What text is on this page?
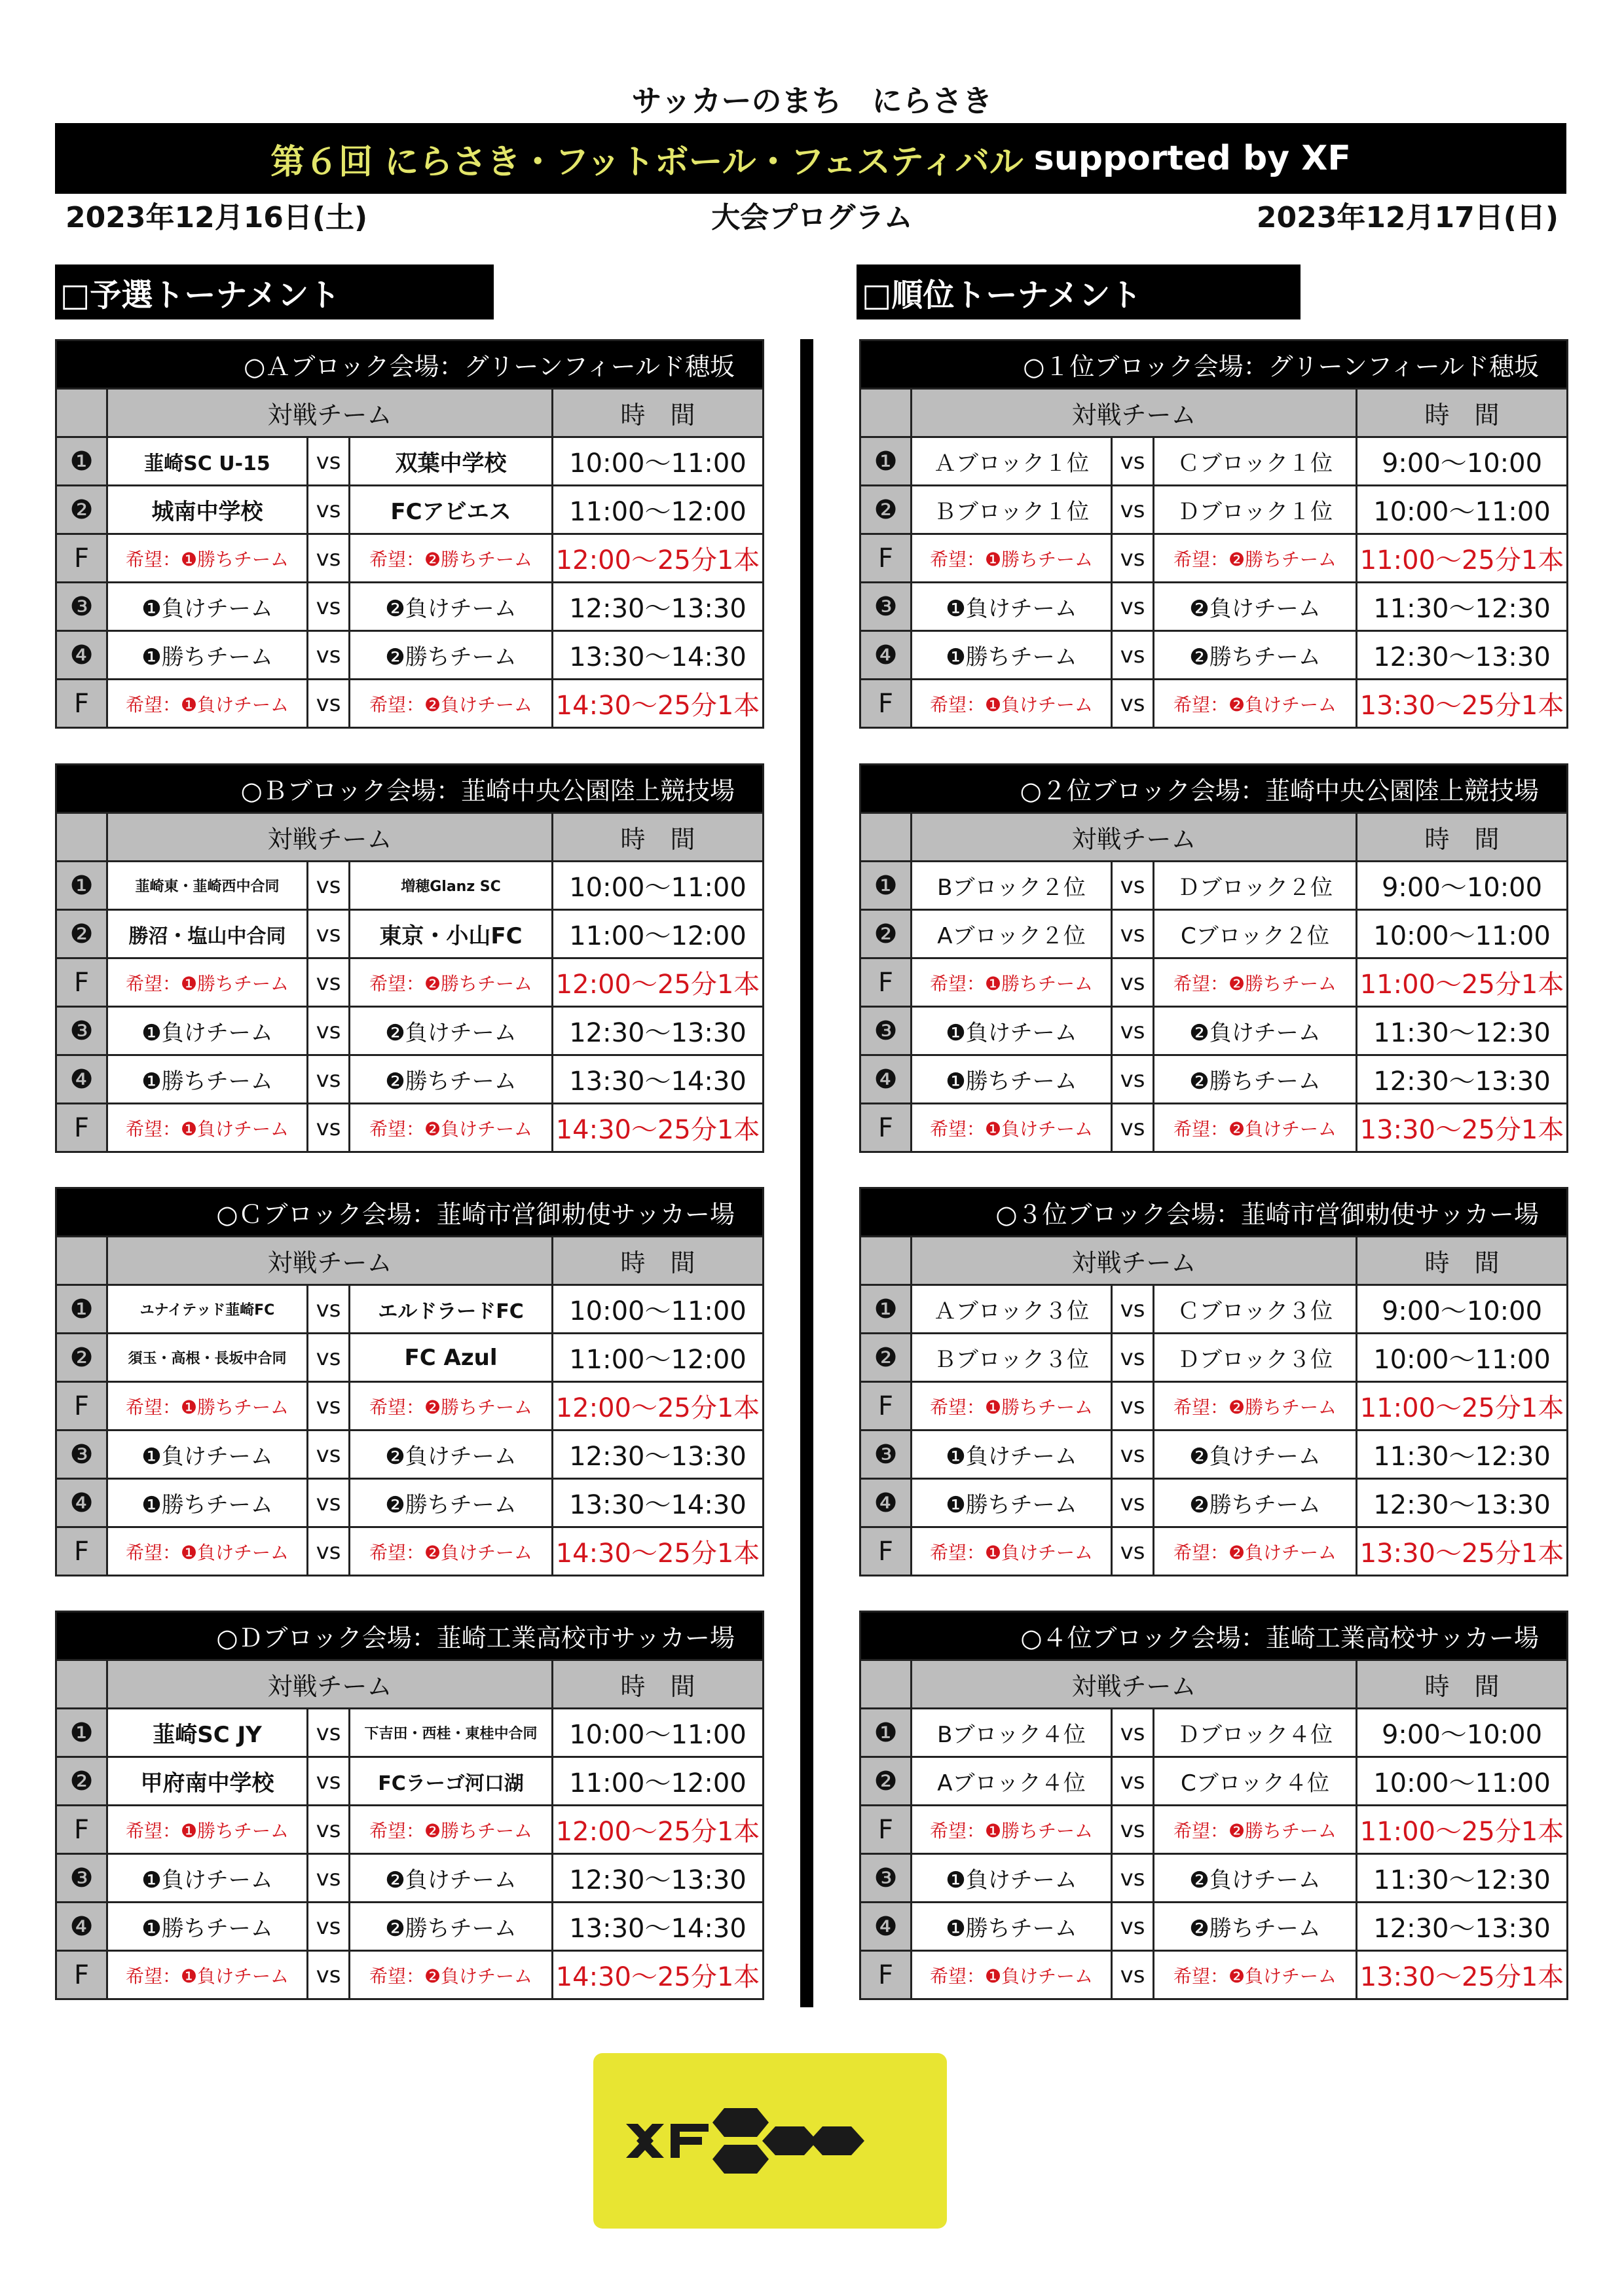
サッカーのまち　にらさき
第６回 にらさき・フットボール・フェスティバル supported by XF
2023年12月16日(土)	大会プログラム	2023年12月17日(日)
□予選トーナメント	□順位トーナメント
○Ａブロック会場：グリーンフィールド穂坂				
	対戦チーム			時　間
❶	韮崎SC U-15	vs	双葉中学校	10:00～11:00
❷	城南中学校	vs	FCアビエス	11:00～12:00
F	希望：❶勝ちチーム	vs	希望：❷勝ちチーム	12:00～25分1本
❸	❶負けチーム	vs	❷負けチーム	12:30～13:30
❹	❶勝ちチーム	vs	❷勝ちチーム	13:30～14:30
F	希望：❶負けチーム	vs	希望：❷負けチーム	14:30～25分1本
○Ｂブロック会場：韮崎中央公園陸上競技場				
	対戦チーム			時　間
❶	韮崎東・韮崎西中合同	vs	増穂Glanz SC	10:00～11:00
❷	勝沼・塩山中合同	vs	東京・小山FC	11:00～12:00
F	希望：❶勝ちチーム	vs	希望：❷勝ちチーム	12:00～25分1本
❸	❶負けチーム	vs	❷負けチーム	12:30～13:30
❹	❶勝ちチーム	vs	❷勝ちチーム	13:30～14:30
F	希望：❶負けチーム	vs	希望：❷負けチーム	14:30～25分1本
○Ｃブロック会場：韮崎市営御勅使サッカー場				
	対戦チーム			時　間
❶	ユナイテッド韮崎FC	vs	エルドラードFC	10:00～11:00
❷	須玉・高根・長坂中合同	vs	FC Azul	11:00～12:00
F	希望：❶勝ちチーム	vs	希望：❷勝ちチーム	12:00～25分1本
❸	❶負けチーム	vs	❷負けチーム	12:30～13:30
❹	❶勝ちチーム	vs	❷勝ちチーム	13:30～14:30
F	希望：❶負けチーム	vs	希望：❷負けチーム	14:30～25分1本
○Ｄブロック会場：韮崎工業高校市サッカー場				
	対戦チーム			時　間
❶	韮崎SC JY	vs	下吉田・西桂・東桂中合同	10:00～11:00
❷	甲府南中学校	vs	FCラーゴ河口湖	11:00～12:00
F	希望：❶勝ちチーム	vs	希望：❷勝ちチーム	12:00～25分1本
❸	❶負けチーム	vs	❷負けチーム	12:30～13:30
❹	❶勝ちチーム	vs	❷勝ちチーム	13:30～14:30
F	希望：❶負けチーム	vs	希望：❷負けチーム	14:30～25分1本
○１位ブロック会場：グリーンフィールド穂坂				
	対戦チーム			時　間
❶	Ａブロック１位	vs	Ｃブロック１位	9:00～10:00
❷	Ｂブロック１位	vs	Ｄブロック１位	10:00～11:00
F	希望：❶勝ちチーム	vs	希望：❷勝ちチーム	11:00～25分1本
❸	❶負けチーム	vs	❷負けチーム	11:30～12:30
❹	❶勝ちチーム	vs	❷勝ちチーム	12:30～13:30
F	希望：❶負けチーム	vs	希望：❷負けチーム	13:30～25分1本
○２位ブロック会場：韮崎中央公園陸上競技場				
	対戦チーム			時　間
❶	Bブロック２位	vs	Ｄブロック２位	9:00～10:00
❷	Aブロック２位	vs	Cブロック２位	10:00～11:00
F	希望：❶勝ちチーム	vs	希望：❷勝ちチーム	11:00～25分1本
❸	❶負けチーム	vs	❷負けチーム	11:30～12:30
❹	❶勝ちチーム	vs	❷勝ちチーム	12:30～13:30
F	希望：❶負けチーム	vs	希望：❷負けチーム	13:30～25分1本
○３位ブロック会場：韮崎市営御勅使サッカー場				
	対戦チーム			時　間
❶	Ａブロック３位	vs	Ｃブロック３位	9:00～10:00
❷	Ｂブロック３位	vs	Ｄブロック３位	10:00～11:00
F	希望：❶勝ちチーム	vs	希望：❷勝ちチーム	11:00～25分1本
❸	❶負けチーム	vs	❷負けチーム	11:30～12:30
❹	❶勝ちチーム	vs	❷勝ちチーム	12:30～13:30
F	希望：❶負けチーム	vs	希望：❷負けチーム	13:30～25分1本
○４位ブロック会場：韮崎工業高校サッカー場				
	対戦チーム			時　間
❶	Bブロック４位	vs	Ｄブロック４位	9:00～10:00
❷	Aブロック４位	vs	Cブロック４位	10:00～11:00
F	希望：❶勝ちチーム	vs	希望：❷勝ちチーム	11:00～25分1本
❸	❶負けチーム	vs	❷負けチーム	11:30～12:30
❹	❶勝ちチーム	vs	❷勝ちチーム	12:30～13:30
F	希望：❶負けチーム	vs	希望：❷負けチーム	13:30～25分1本
